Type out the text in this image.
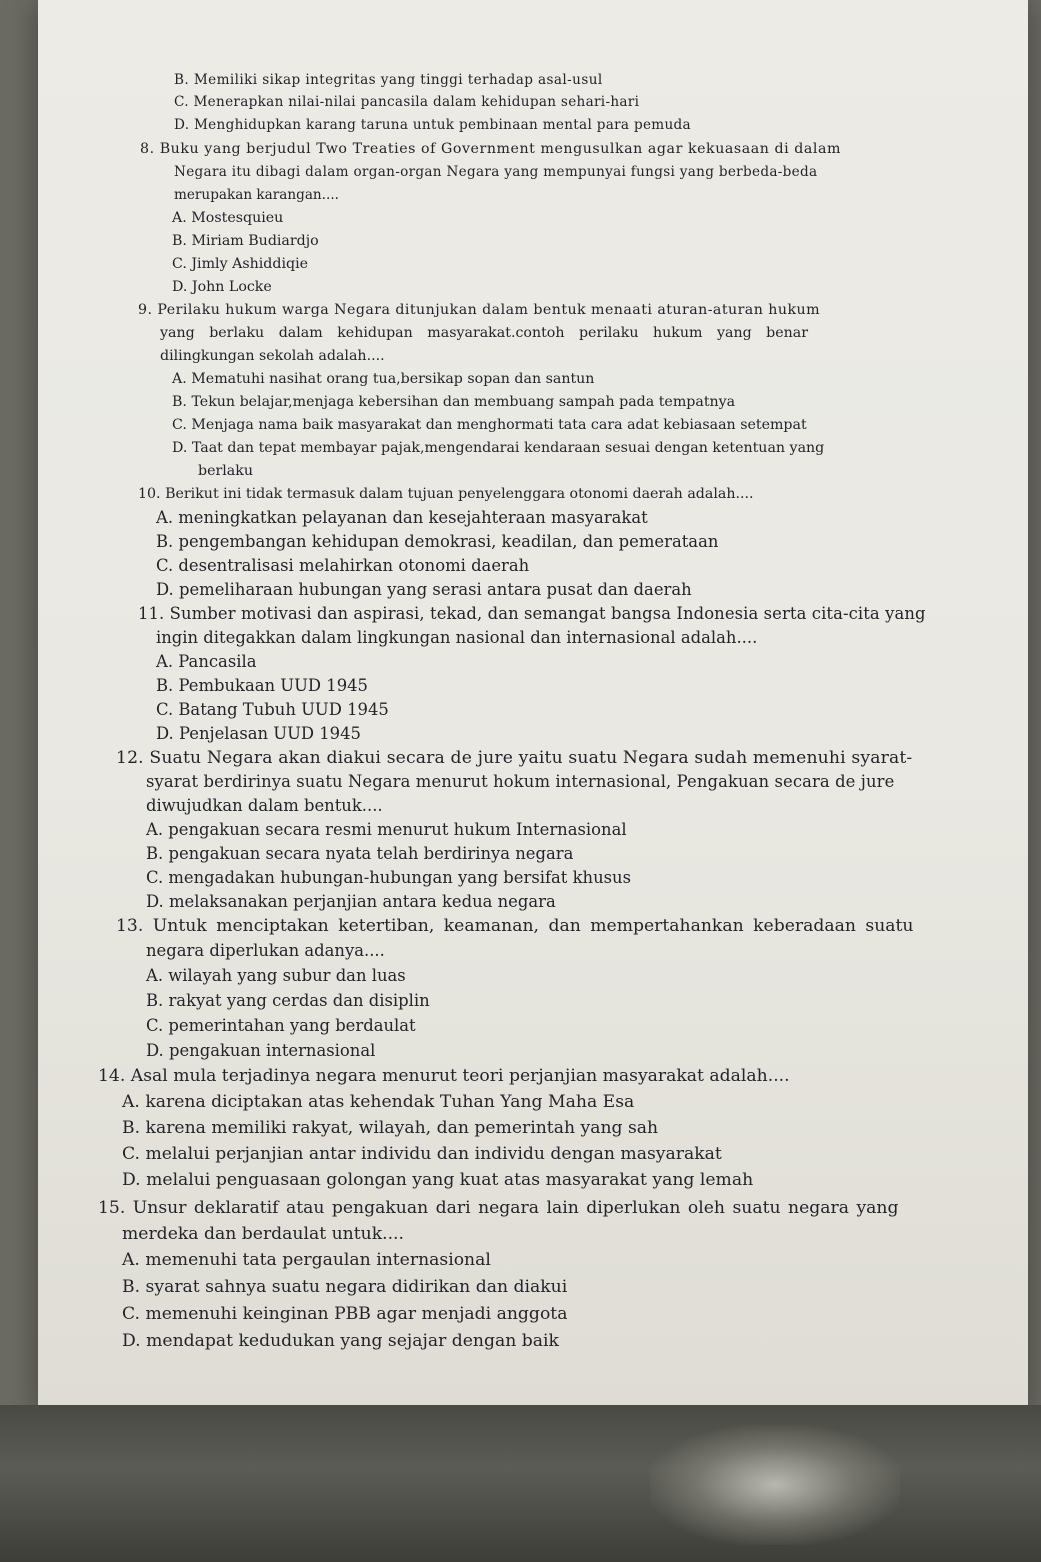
B. Memiliki sikap integritas yang tinggi terhadap asal-usul
C. Menerapkan nilai-nilai pancasila dalam kehidupan sehari-hari
D. Menghidupkan karang taruna untuk pembinaan mental para pemuda
8. Buku yang berjudul Two Treaties of Government mengusulkan agar kekuasaan di dalam
Negara itu dibagi dalam organ-organ Negara yang mempunyai fungsi yang berbeda-beda
merupakan karangan....
A. Mostesquieu
B. Miriam Budiardjo
C. Jimly Ashiddiqie
D. John Locke
9. Perilaku hukum warga Negara ditunjukan dalam bentuk menaati aturan-aturan hukum
yang berlaku dalam kehidupan masyarakat.contoh perilaku hukum yang benar
dilingkungan sekolah adalah....
A. Mematuhi nasihat orang tua,bersikap sopan dan santun
B. Tekun belajar,menjaga kebersihan dan membuang sampah pada tempatnya
C. Menjaga nama baik masyarakat dan menghormati tata cara adat kebiasaan setempat
D. Taat dan tepat membayar pajak,mengendarai kendaraan sesuai dengan ketentuan yang
berlaku
10. Berikut ini tidak termasuk dalam tujuan penyelenggara otonomi daerah adalah....
A. meningkatkan pelayanan dan kesejahteraan masyarakat
B. pengembangan kehidupan demokrasi, keadilan, dan pemerataan
C. desentralisasi melahirkan otonomi daerah
D. pemeliharaan hubungan yang serasi antara pusat dan daerah
11. Sumber motivasi dan aspirasi, tekad, dan semangat bangsa Indonesia serta cita-cita yang
ingin ditegakkan dalam lingkungan nasional dan internasional adalah....
A. Pancasila
B. Pembukaan UUD 1945
C. Batang Tubuh UUD 1945
D. Penjelasan UUD 1945
12. Suatu Negara akan diakui secara de jure yaitu suatu Negara sudah memenuhi syarat-
syarat berdirinya suatu Negara menurut hokum internasional, Pengakuan secara de jure
diwujudkan dalam bentuk....
A. pengakuan secara resmi menurut hukum Internasional
B. pengakuan secara nyata telah berdirinya negara
C. mengadakan hubungan-hubungan yang bersifat khusus
D. melaksanakan perjanjian antara kedua negara
13. Untuk menciptakan ketertiban, keamanan, dan mempertahankan keberadaan suatu
negara diperlukan adanya....
A. wilayah yang subur dan luas
B. rakyat yang cerdas dan disiplin
C. pemerintahan yang berdaulat
D. pengakuan internasional
14. Asal mula terjadinya negara menurut teori perjanjian masyarakat adalah....
A. karena diciptakan atas kehendak Tuhan Yang Maha Esa
B. karena memiliki rakyat, wilayah, dan pemerintah yang sah
C. melalui perjanjian antar individu dan individu dengan masyarakat
D. melalui penguasaan golongan yang kuat atas masyarakat yang lemah
15. Unsur deklaratif atau pengakuan dari negara lain diperlukan oleh suatu negara yang
merdeka dan berdaulat untuk....
A. memenuhi tata pergaulan internasional
B. syarat sahnya suatu negara didirikan dan diakui
C. memenuhi keinginan PBB agar menjadi anggota
D. mendapat kedudukan yang sejajar dengan baik
